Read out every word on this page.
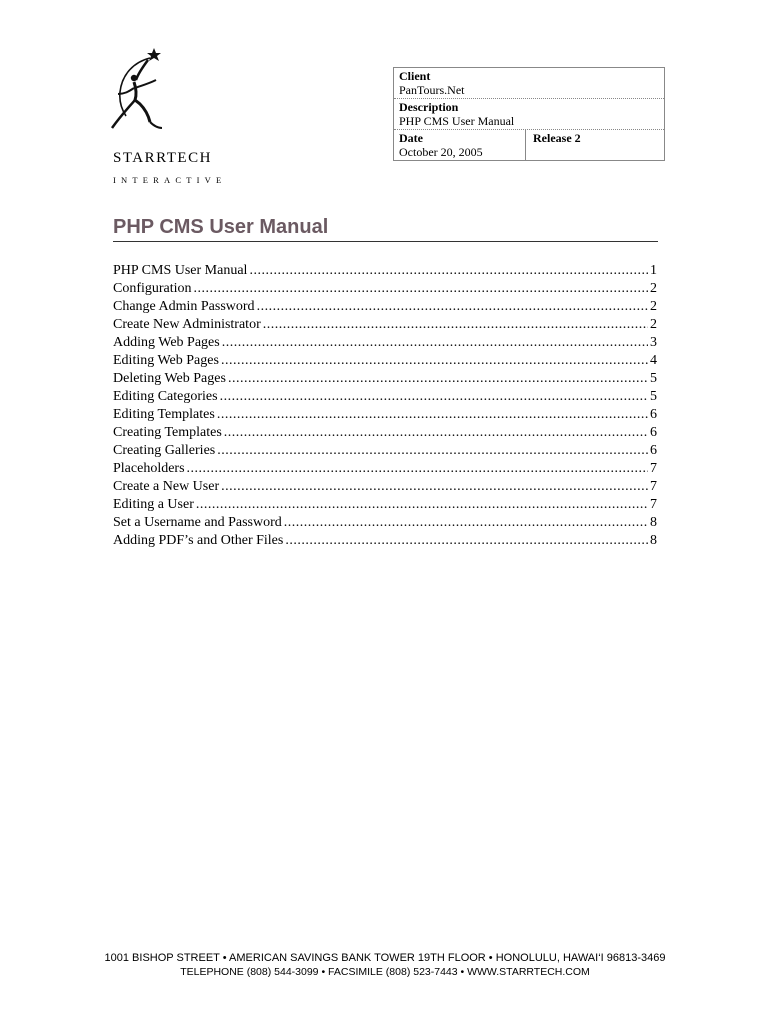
STARRTECH
INTERACTIVE
Client
PanTours.Net
Description
PHP CMS User Manual
Date
October 20, 2005
Release 2
PHP CMS User Manual
PHP CMS User Manual .....	1
Configuration .....	2
Change Admin Password .....	2
Create New Administrator .....	2
Adding Web Pages .....	3
Editing Web Pages .....	4
Deleting Web Pages .....	5
Editing Categories .....	5
Editing Templates .....	6
Creating Templates .....	6
Creating Galleries .....	6
Placeholders .....	7
Create a New User .....	7
Editing a User .....	7
Set a Username and Password .....	8
Adding PDF’s and Other Files .....	8
1001 BISHOP STREET • AMERICAN SAVINGS BANK TOWER 19TH FLOOR • HONOLULU, HAWAI‘I 96813-3469
TELEPHONE (808) 544-3099 • FACSIMILE (808) 523-7443 • WWW.STARRTECH.COM
